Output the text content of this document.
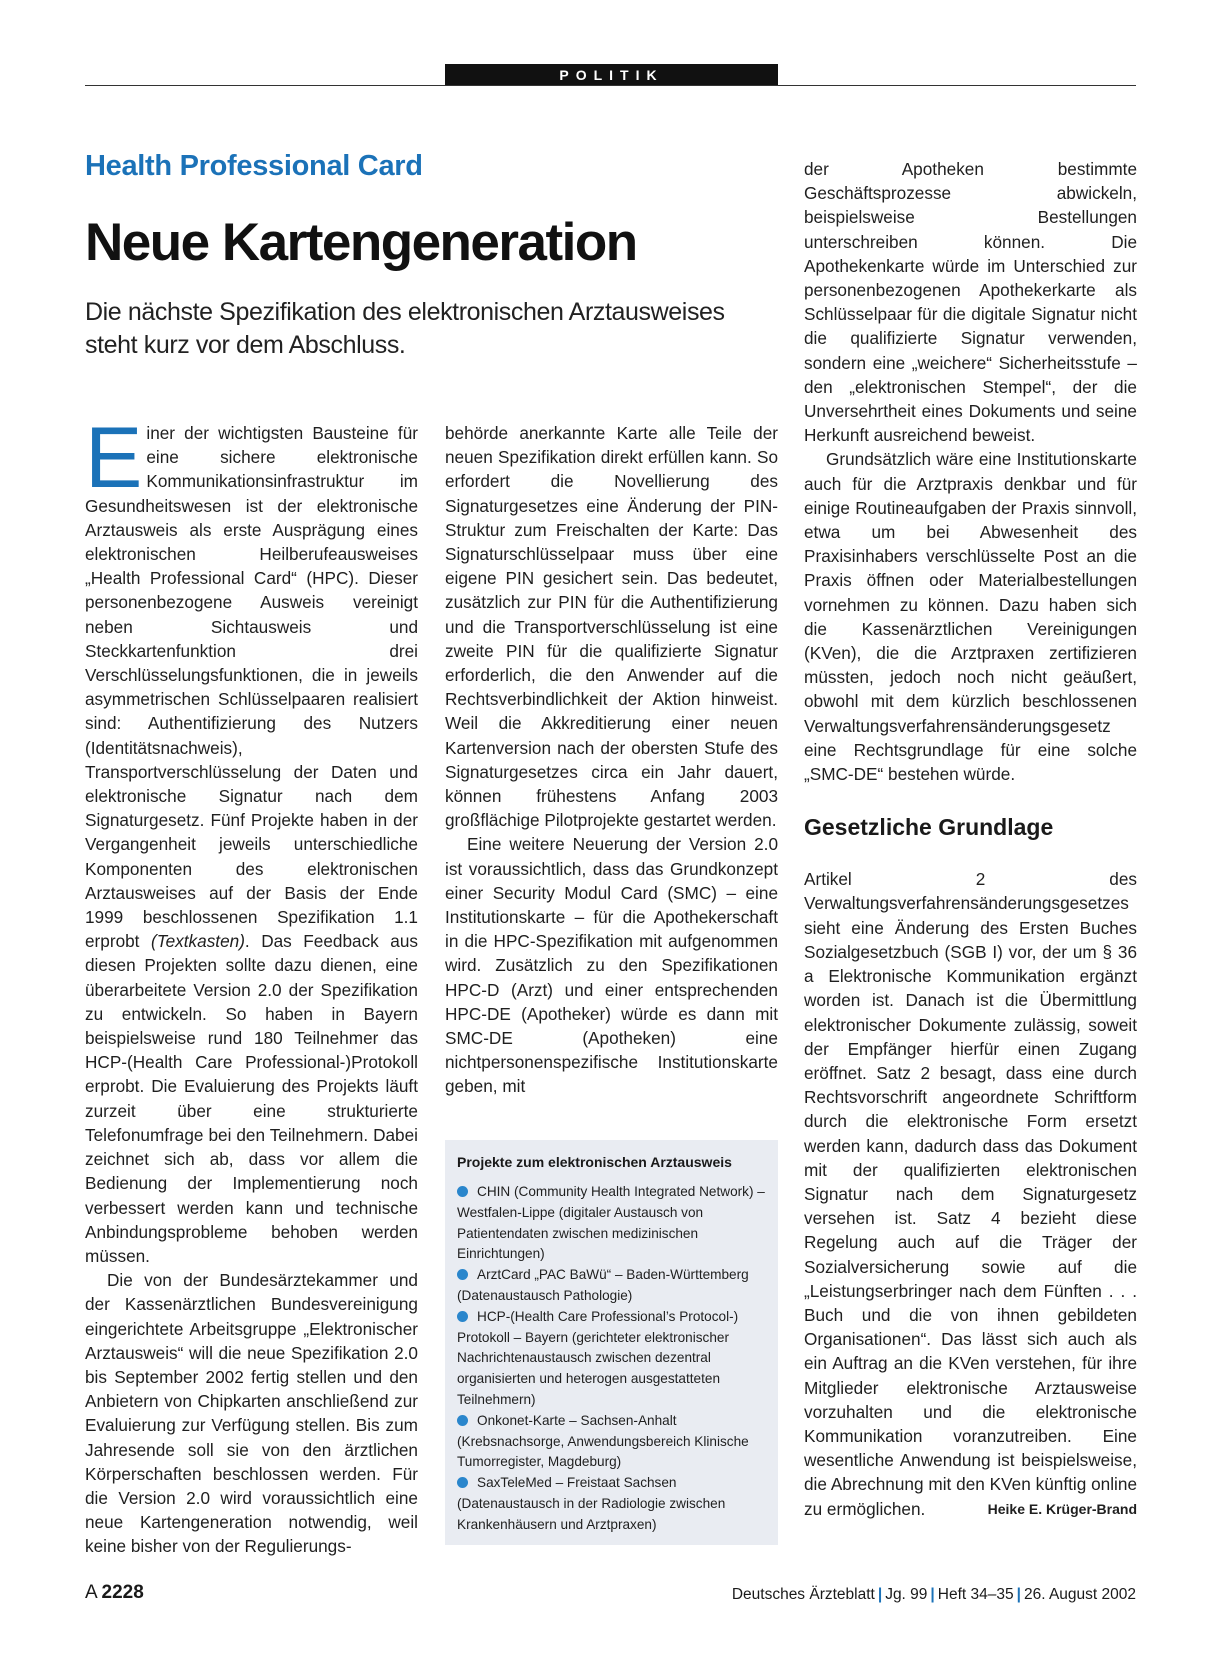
POLITIK
Health Professional Card
Neue Kartengeneration
Die nächste Spezifikation des elektronischen Arztausweises steht kurz vor dem Abschluss.

Einer der wichtigsten Bausteine für eine sichere elektronische Kommunikationsinfrastruktur im Gesundheitswesen ist der elektronische Arztausweis als erste Ausprägung eines elektronischen Heilberufeausweises „Health Professional Card“ (HPC). Dieser personenbezogene Ausweis vereinigt neben Sichtausweis und Steckkartenfunktion drei Verschlüsselungsfunktionen, die in jeweils asymmetrischen Schlüsselpaaren realisiert sind: Authentifizierung des Nutzers (Identitätsnachweis), Transportverschlüsselung der Daten und elektronische Signatur nach dem Signaturgesetz. Fünf Projekte haben in der Vergangenheit jeweils unterschiedliche Komponenten des elektronischen Arztausweises auf der Basis der Ende 1999 beschlossenen Spezifikation 1.1 erprobt (Textkasten). Das Feedback aus diesen Projekten sollte dazu dienen, eine überarbeitete Version 2.0 der Spezifikation zu entwickeln. So haben in Bayern beispielsweise rund 180 Teilnehmer das HCP-(Health Care Professional-)Protokoll erprobt. Die Evaluierung des Projekts läuft zurzeit über eine strukturierte Telefonumfrage bei den Teilnehmern. Dabei zeichnet sich ab, dass vor allem die Bedienung der Implementierung noch verbessert werden kann und technische Anbindungsprobleme behoben werden müssen.

Die von der Bundesärztekammer und der Kassenärztlichen Bundesvereinigung eingerichtete Arbeitsgruppe „Elektronischer Arztausweis“ will die neue Spezifikation 2.0 bis September 2002 fertig stellen und den Anbietern von Chipkarten anschließend zur Evaluierung zur Verfügung stellen. Bis zum Jahresende soll sie von den ärztlichen Körperschaften beschlossen werden. Für die Version 2.0 wird voraussichtlich eine neue Kartengeneration notwendig, weil keine bisher von der Regulierungs-

behörde anerkannte Karte alle Teile der neuen Spezifikation direkt erfüllen kann. So erfordert die Novellierung des Signaturgesetzes eine Änderung der PIN-Struktur zum Freischalten der Karte: Das Signaturschlüsselpaar muss über eine eigene PIN gesichert sein. Das bedeutet, zusätzlich zur PIN für die Authentifizierung und die Transportverschlüsselung ist eine zweite PIN für die qualifizierte Signatur erforderlich, die den Anwender auf die Rechtsverbindlichkeit der Aktion hinweist. Weil die Akkreditierung einer neuen Kartenversion nach der obersten Stufe des Signaturgesetzes circa ein Jahr dauert, können frühestens Anfang 2003 großflächige Pilotprojekte gestartet werden.

Eine weitere Neuerung der Version 2.0 ist voraussichtlich, dass das Grundkonzept einer Security Modul Card (SMC) – eine Institutionskarte – für die Apothekerschaft in die HPC-Spezifikation mit aufgenommen wird. Zusätzlich zu den Spezifikationen HPC-D (Arzt) und einer entsprechenden HPC-DE (Apotheker) würde es dann mit SMC-DE (Apotheken) eine nichtpersonenspezifische Institutionskarte geben, mit

Projekte zum elektronischen Arztausweis

CHIN (Community Health Integrated Network) – Westfalen-Lippe (digitaler Austausch von Patientendaten zwischen medizinischen Einrichtungen)

ArztCard „PAC BaWü“ – Baden-Württemberg (Datenaustausch Pathologie)

HCP-(Health Care Professional’s Protocol-) Protokoll – Bayern (gerichteter elektronischer Nachrichtenaustausch zwischen dezentral organisierten und heterogen ausgestatteten Teilnehmern)

Onkonet-Karte – Sachsen-Anhalt (Krebsnachsorge, Anwendungsbereich Klinische Tumorregister, Magdeburg)

SaxTeleMed – Freistaat Sachsen (Datenaustausch in der Radiologie zwischen Krankenhäusern und Arztpraxen)

der Apotheken bestimmte Geschäftsprozesse abwickeln, beispielsweise Bestellungen unterschreiben können. Die Apothekenkarte würde im Unterschied zur personenbezogenen Apothekerkarte als Schlüsselpaar für die digitale Signatur nicht die qualifizierte Signatur verwenden, sondern eine „weichere“ Sicherheitsstufe – den „elektronischen Stempel“, der die Unversehrtheit eines Dokuments und seine Herkunft ausreichend beweist.

Grundsätzlich wäre eine Institutionskarte auch für die Arztpraxis denkbar und für einige Routineaufgaben der Praxis sinnvoll, etwa um bei Abwesenheit des Praxisinhabers verschlüsselte Post an die Praxis öffnen oder Materialbestellungen vornehmen zu können. Dazu haben sich die Kassenärztlichen Vereinigungen (KVen), die die Arztpraxen zertifizieren müssten, jedoch noch nicht geäußert, obwohl mit dem kürzlich beschlossenen Verwaltungsverfahrensänderungsgesetz eine Rechtsgrundlage für eine solche „SMC-DE“ bestehen würde.

Gesetzliche Grundlage

Artikel 2 des Verwaltungsverfahrensänderungsgesetzes sieht eine Änderung des Ersten Buches Sozialgesetzbuch (SGB I) vor, der um § 36 a Elektronische Kommunikation ergänzt worden ist. Danach ist die Übermittlung elektronischer Dokumente zulässig, soweit der Empfänger hierfür einen Zugang eröffnet. Satz 2 besagt, dass eine durch Rechtsvorschrift angeordnete Schriftform durch die elektronische Form ersetzt werden kann, dadurch dass das Dokument mit der qualifizierten elektronischen Signatur nach dem Signaturgesetz versehen ist. Satz 4 bezieht diese Regelung auch auf die Träger der Sozialversicherung sowie auf die „Leistungserbringer nach dem Fünften . . . Buch und die von ihnen gebildeten Organisationen“. Das lässt sich auch als ein Auftrag an die KVen verstehen, für ihre Mitglieder elektronische Arztausweise vorzuhalten und die elektronische Kommunikation voranzutreiben. Eine wesentliche Anwendung ist beispielsweise, die Abrechnung mit den KVen künftig online zu ermöglichen.	Heike E. Krüger-Brand

A  2228	Deutsches Ärzteblatt | Jg. 99 | Heft 34–35 | 26. August 2002
